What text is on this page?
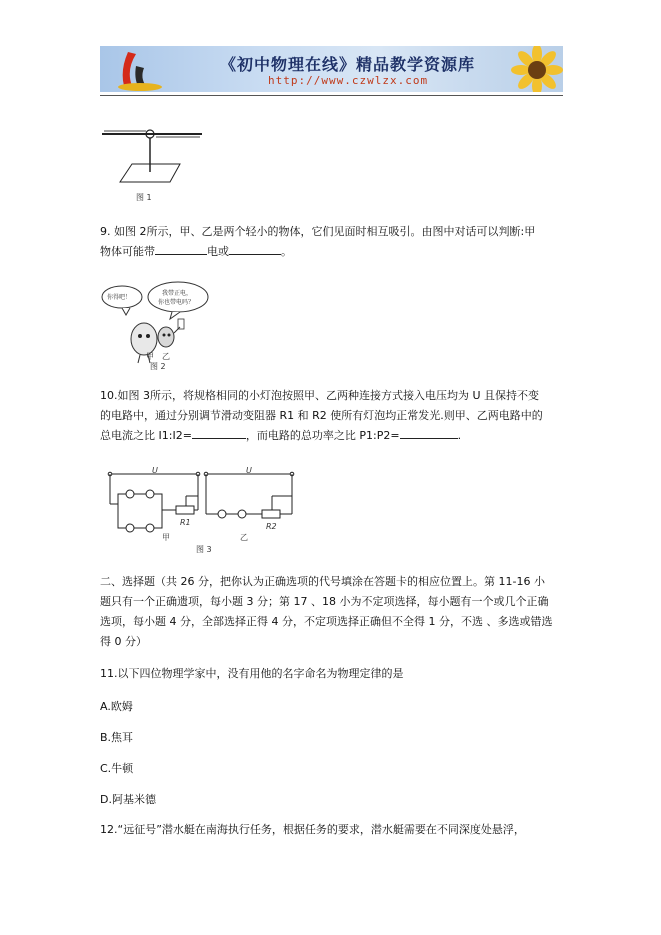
《初中物理在线》精品教学资源库
http://www.czwlzx.com
图 1

9. 如图 2所示，甲、乙是两个轻小的物体，它们见面时相互吸引。由图中对话可以判断:甲
物体可能带	电或	。

你得吧！
我带正电，
你也带电吗？
甲 乙
图 2

10.如图 3所示，将规格相同的小灯泡按照甲、乙两种连接方式接入电压均为 U 且保持不变
的电路中，通过分别调节滑动变阻器 R1 和 R2 使所有灯泡均正常发光.则甲、乙两电路中的
总电流之比 I1:I2=	，而电路的总功率之比 P1:P2=	.

U	U
R1	R2
甲	乙
图 3

二、选择题（共 26 分，把你认为正确选项的代号填涂在答题卡的相应位置上。第 11-16 小
题只有一个正确遗项，每小题 3 分；第 17 、18 小为不定项选择，每小题有一个或几个正确
选项，每小题 4 分，全部选择正得 4 分，不定项选择正确但不全得 1 分，不选 、多选或错选
得 0 分）

11.以下四位物理学家中，没有用他的名字命名为物理定律的是

A.欧姆

B.焦耳

C.牛顿

D.阿基米德

12.“远征号”潜水艇在南海执行任务，根据任务的要求，潜水艇需要在不同深度处悬浮，
